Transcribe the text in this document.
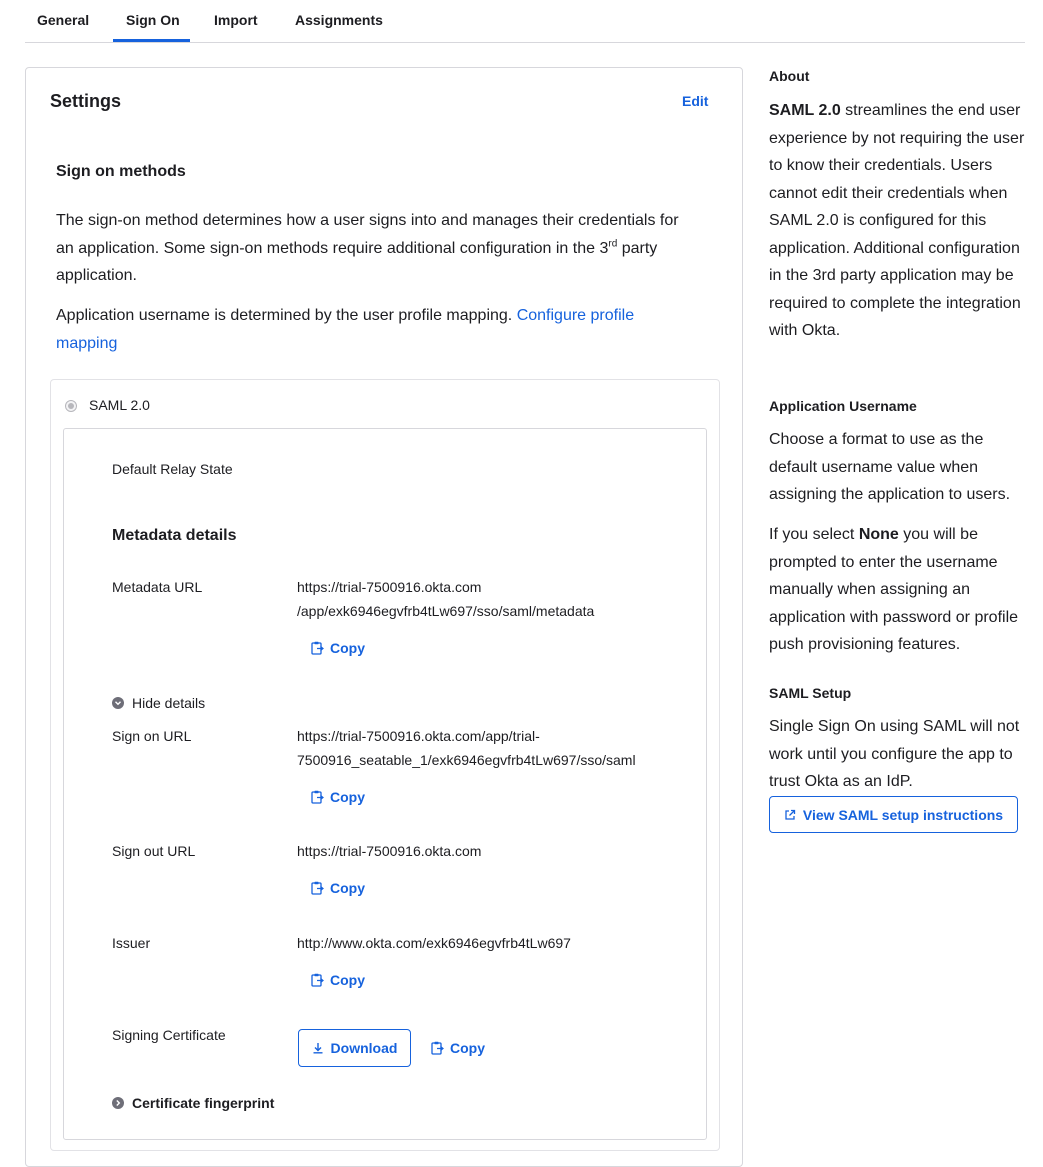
General	Sign On Import	Assignments
Settings	Edit
Sign on methods
The sign-on method determines how a user signs into and manages their credentials for an application. Some sign-on methods require additional configuration in the 3rd party application.
Application username is determined by the user profile mapping. Configure profile mapping
SAML 2.0
Default Relay State
Metadata details
Metadata URL	https://trial-7500916.okta.com
/app/exk6946egvfrb4tLw697/sso/saml/metadata
Copy
Hide details
Sign on URL	https://trial-7500916.okta.com/app/trial-
7500916_seatable_1/exk6946egvfrb4tLw697/sso/saml
Copy
Sign out URL	https://trial-7500916.okta.com
Copy
Issuer	http://www.okta.com/exk6946egvfrb4tLw697
Copy
Signing Certificate
Download	Copy
Certificate fingerprint
About
SAML 2.0 streamlines the end user experience by not requiring the user to know their credentials. Users cannot edit their credentials when SAML 2.0 is configured for this application. Additional configuration in the 3rd party application may be required to complete the integration with Okta.
Application Username
Choose a format to use as the default username value when assigning the application to users.
If you select None you will be prompted to enter the username manually when assigning an application with password or profile push provisioning features.
SAML Setup
Single Sign On using SAML will not work until you configure the app to trust Okta as an IdP.
View SAML setup instructions
